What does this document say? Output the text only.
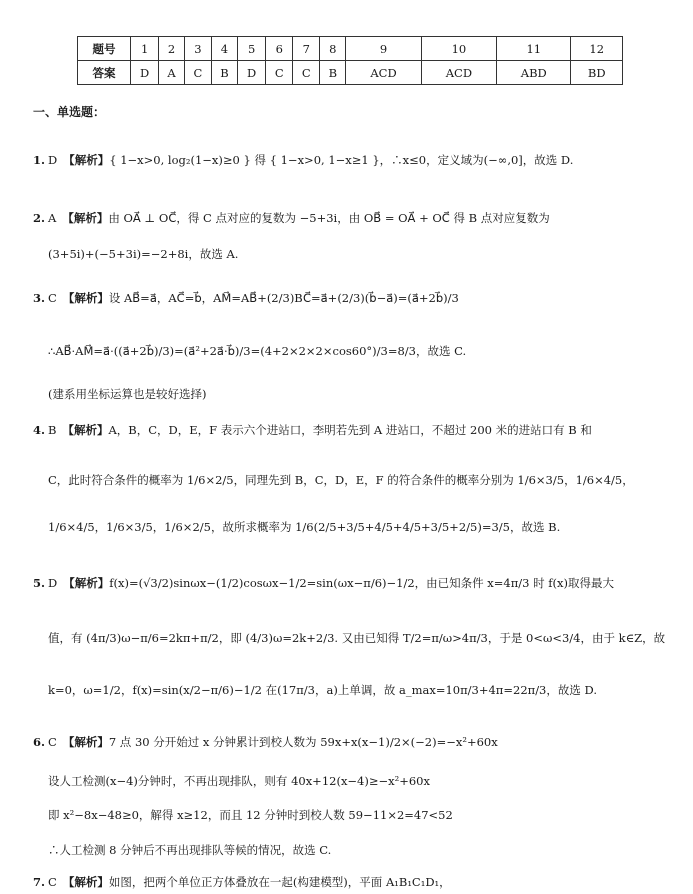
题号	1	2	3	4	5	6	7	8	9	10	11	12
答案	D	A	C	B	D	C	C	B	ACD	ACD	ABD	BD
一、单选题：
1. D 【解析】{ 1−x>0, log₂(1−x)≥0 } 得 { 1−x>0, 1−x≥1 }，∴x≤0，定义域为(−∞,0]，故选 D.
2. A 【解析】由 OA⃗ ⊥ OC⃗，得 C 点对应的复数为 −5+3i，由 OB⃗ = OA⃗ + OC⃗ 得 B 点对应复数为
(3+5i)+(−5+3i)=−2+8i，故选 A.
3. C 【解析】设 AB⃗=a⃗，AC⃗=b⃗，AM⃗=AB⃗+(2/3)BC⃗=a⃗+(2/3)(b⃗−a⃗)=(a⃗+2b⃗)/3
∴AB⃗·AM⃗=a⃗·((a⃗+2b⃗)/3)=(a⃗²+2a⃗·b⃗)/3=(4+2×2×2×cos60°)/3=8/3，故选 C.
(建系用坐标运算也是较好选择)
4. B 【解析】A，B，C，D，E，F 表示六个进站口，李明若先到 A 进站口，不超过 200 米的进站口有 B 和
C，此时符合条件的概率为 1/6×2/5，同理先到 B，C，D，E，F 的符合条件的概率分别为 1/6×3/5，1/6×4/5，
1/6×4/5，1/6×3/5，1/6×2/5，故所求概率为 1/6(2/5+3/5+4/5+4/5+3/5+2/5)=3/5，故选 B.
5. D 【解析】f(x)=(√3/2)sinωx−(1/2)cosωx−1/2=sin(ωx−π/6)−1/2，由已知条件 x=4π/3 时 f(x)取得最大
值，有 (4π/3)ω−π/6=2kπ+π/2，即 (4/3)ω=2k+2/3. 又由已知得 T/2=π/ω>4π/3，于是 0<ω<3/4，由于 k∈Z，故
k=0，ω=1/2，f(x)=sin(x/2−π/6)−1/2 在(17π/3，a)上单调，故 a_max=10π/3+4π=22π/3，故选 D.
6. C 【解析】7 点 30 分开始过 x 分钟累计到校人数为 59x+x(x−1)/2×(−2)=−x²+60x
设人工检测(x−4)分钟时，不再出现排队，则有 40x+12(x−4)≥−x²+60x
即 x²−8x−48≥0，解得 x≥12，而且 12 分钟时到校人数 59−11×2=47<52
∴人工检测 8 分钟后不再出现排队等候的情况，故选 C.
7. C 【解析】如图，把两个单位正方体叠放在一起(构建模型)，平面 A₁B₁C₁D₁，
